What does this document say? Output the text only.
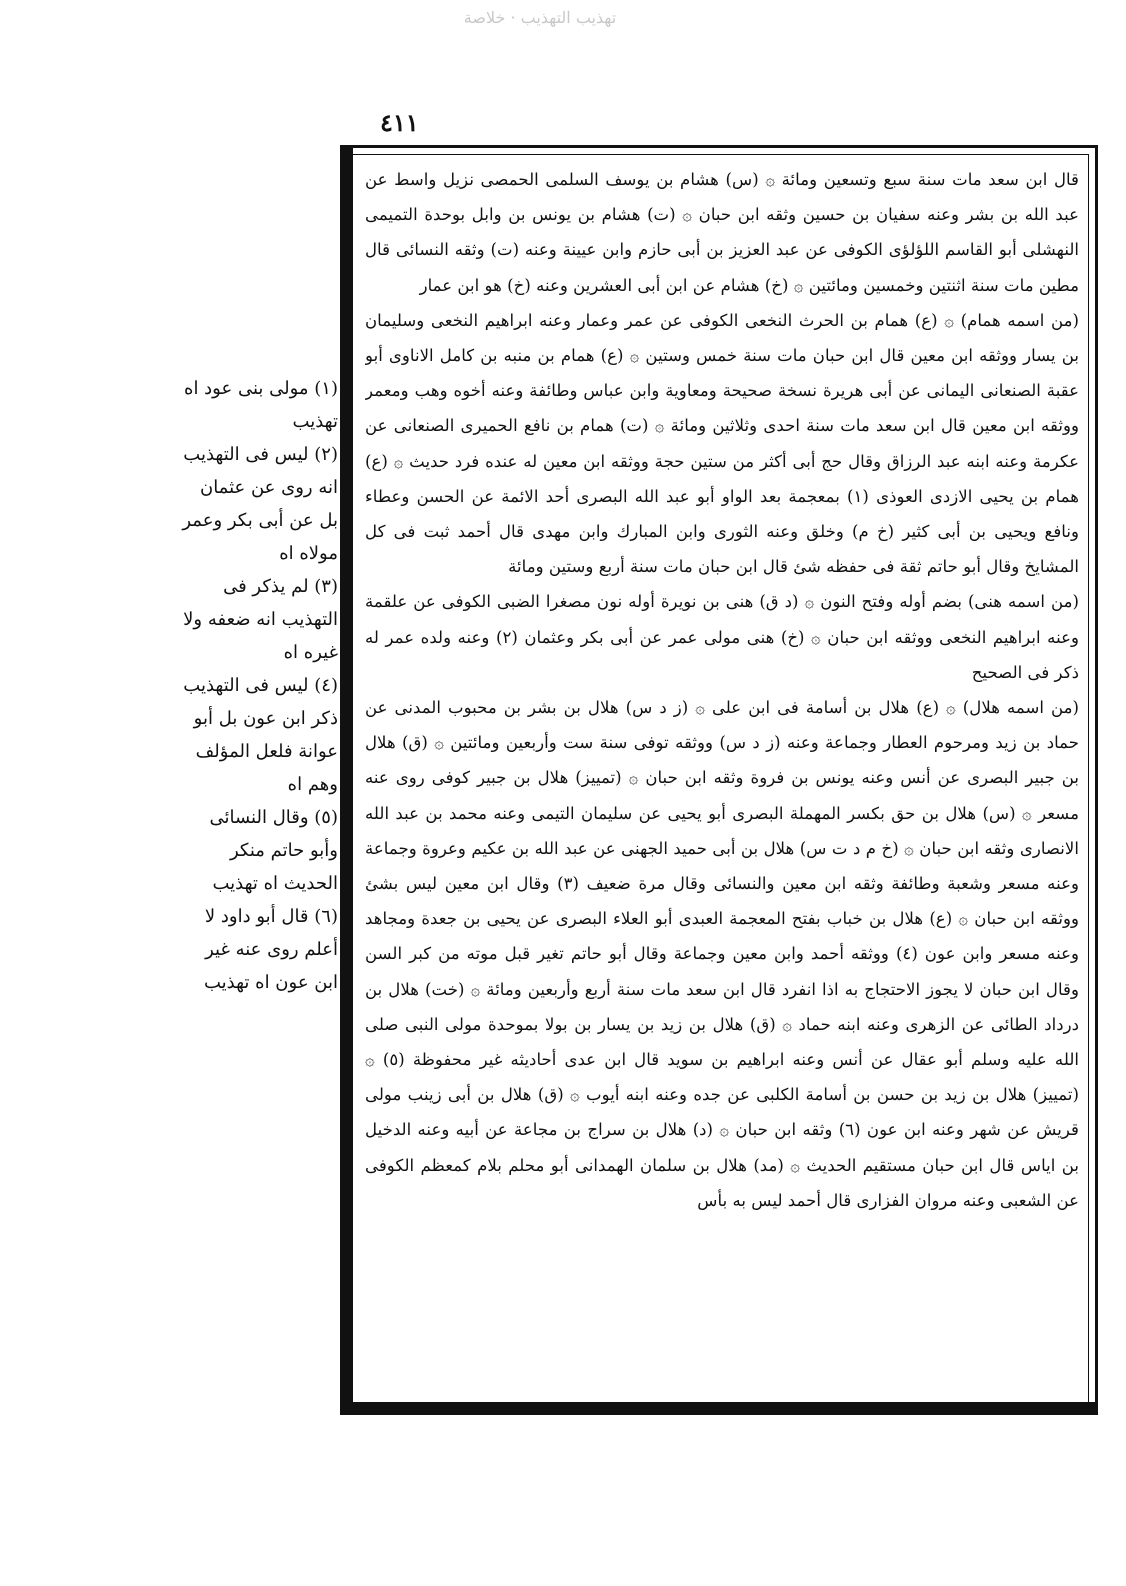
تهذيب التهذيب · خلاصة
٤١١

قال ابن سعد مات سنة سبع وتسعين ومائة ۞ (س) هشام بن يوسف السلمى الحمصى نزيل واسط عن عبد الله بن بشر وعنه سفيان بن حسين وثقه ابن حبان ۞ (ت) هشام بن يونس بن وابل بوحدة التميمى النهشلى أبو القاسم اللؤلؤى الكوفى عن عبد العزيز بن أبى حازم وابن عيينة وعنه (ت) وثقه النسائى قال مطين مات سنة اثنتين وخمسين ومائتين ۞ (خ) هشام عن ابن أبى العشرين وعنه (خ) هو ابن عمار

(من اسمه همام) ۞ (ع) همام بن الحرث النخعى الكوفى عن عمر وعمار وعنه ابراهيم النخعى وسليمان بن يسار ووثقه ابن معين قال ابن حبان مات سنة خمس وستين ۞ (ع) همام بن منبه بن كامل الاناوى أبو عقبة الصنعانى اليمانى عن أبى هريرة نسخة صحيحة ومعاوية وابن عباس وطائفة وعنه أخوه وهب ومعمر ووثقه ابن معين قال ابن سعد مات سنة احدى وثلاثين ومائة ۞ (ت) همام بن نافع الحميرى الصنعانى عن عكرمة وعنه ابنه عبد الرزاق وقال حج أبى أكثر من ستين حجة ووثقه ابن معين له عنده فرد حديث ۞ (ع) همام بن يحيى الازدى العوذى (١) بمعجمة بعد الواو أبو عبد الله البصرى أحد الائمة عن الحسن وعطاء ونافع ويحيى بن أبى كثير (خ م) وخلق وعنه الثورى وابن المبارك وابن مهدى قال أحمد ثبت فى كل المشايخ وقال أبو حاتم ثقة فى حفظه شئ قال ابن حبان مات سنة أربع وستين ومائة

(من اسمه هنى) بضم أوله وفتح النون ۞ (د ق) هنى بن نويرة أوله نون مصغرا الضبى الكوفى عن علقمة وعنه ابراهيم النخعى ووثقه ابن حبان ۞ (خ) هنى مولى عمر عن أبى بكر وعثمان (٢) وعنه ولده عمر له ذكر فى الصحيح

(من اسمه هلال) ۞ (ع) هلال بن أسامة فى ابن على ۞ (ز د س) هلال بن بشر بن محبوب المدنى عن حماد بن زيد ومرحوم العطار وجماعة وعنه (ز د س) ووثقه توفى سنة ست وأربعين ومائتين ۞ (ق) هلال بن جبير البصرى عن أنس وعنه يونس بن فروة وثقه ابن حبان ۞ (تمييز) هلال بن جبير كوفى روى عنه مسعر ۞ (س) هلال بن حق بكسر المهملة البصرى أبو يحيى عن سليمان التيمى وعنه محمد بن عبد الله الانصارى وثقه ابن حبان ۞ (خ م د ت س) هلال بن أبى حميد الجهنى عن عبد الله بن عكيم وعروة وجماعة وعنه مسعر وشعبة وطائفة وثقه ابن معين والنسائى وقال مرة ضعيف (٣) وقال ابن معين ليس بشئ ووثقه ابن حبان ۞ (ع) هلال بن خباب بفتح المعجمة العبدى أبو العلاء البصرى عن يحيى بن جعدة ومجاهد وعنه مسعر وابن عون (٤) ووثقه أحمد وابن معين وجماعة وقال أبو حاتم تغير قبل موته من كبر السن وقال ابن حبان لا يجوز الاحتجاج به اذا انفرد قال ابن سعد مات سنة أربع وأربعين ومائة ۞ (خت) هلال بن درداد الطائى عن الزهرى وعنه ابنه حماد ۞ (ق) هلال بن زيد بن يسار بن بولا بموحدة مولى النبى صلى الله عليه وسلم أبو عقال عن أنس وعنه ابراهيم بن سويد قال ابن عدى أحاديثه غير محفوظة (٥) ۞ (تمييز) هلال بن زيد بن حسن بن أسامة الكلبى عن جده وعنه ابنه أيوب ۞ (ق) هلال بن أبى زينب مولى قريش عن شهر وعنه ابن عون (٦) وثقه ابن حبان ۞ (د) هلال بن سراج بن مجاعة عن أبيه وعنه الدخيل بن اياس قال ابن حبان مستقيم الحديث ۞ (مد) هلال بن سلمان الهمدانى أبو محلم بلام كمعظم الكوفى عن الشعبى وعنه مروان الفزارى قال أحمد ليس به بأس

(١) مولى بنى عود اه تهذيب

(٢) ليس فى التهذيب انه روى عن عثمان بل عن أبى بكر وعمر مولاه اه

(٣) لم يذكر فى التهذيب انه ضعفه ولا غيره اه

(٤) ليس فى التهذيب ذكر ابن عون بل أبو عوانة فلعل المؤلف وهم اه

(٥) وقال النسائى وأبو حاتم منكر الحديث اه تهذيب

(٦) قال أبو داود لا أعلم روى عنه غير ابن عون اه تهذيب
